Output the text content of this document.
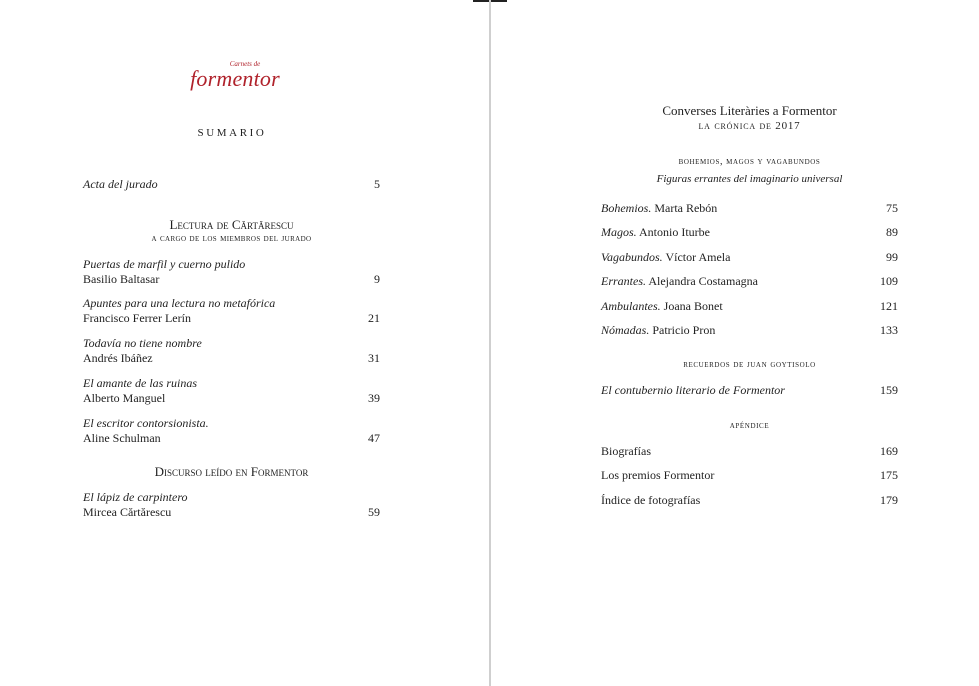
Carnets de
formentor
SUMARIO
Acta del jurado	5
Lectura de Cărtărescu
a cargo de los miembros del jurado
Puertas de marfil y cuerno pulido
Basilio Baltasar	9
Apuntes para una lectura no metafórica
Francisco Ferrer Lerín	21
Todavía no tiene nombre
Andrés Ibáñez	31
El amante de las ruinas
Alberto Manguel	39
El escritor contorsionista.
Aline Schulman	47
Discurso leído en Formentor
El lápiz de carpintero
Mircea Cărtărescu	59
Converses Literàries a Formentor
la crónica de 2017
bohemios, magos y vagabundos
Figuras errantes del imaginario universal
Bohemios. Marta Rebón	75
Magos. Antonio Iturbe	89
Vagabundos. Víctor Amela	99
Errantes. Alejandra Costamagna	109
Ambulantes. Joana Bonet	121
Nómadas. Patricio Pron	133
recuerdos de juan goytisolo
El contubernio literario de Formentor	159
apéndice
Biografías	169
Los premios Formentor	175
Índice de fotografías	179
